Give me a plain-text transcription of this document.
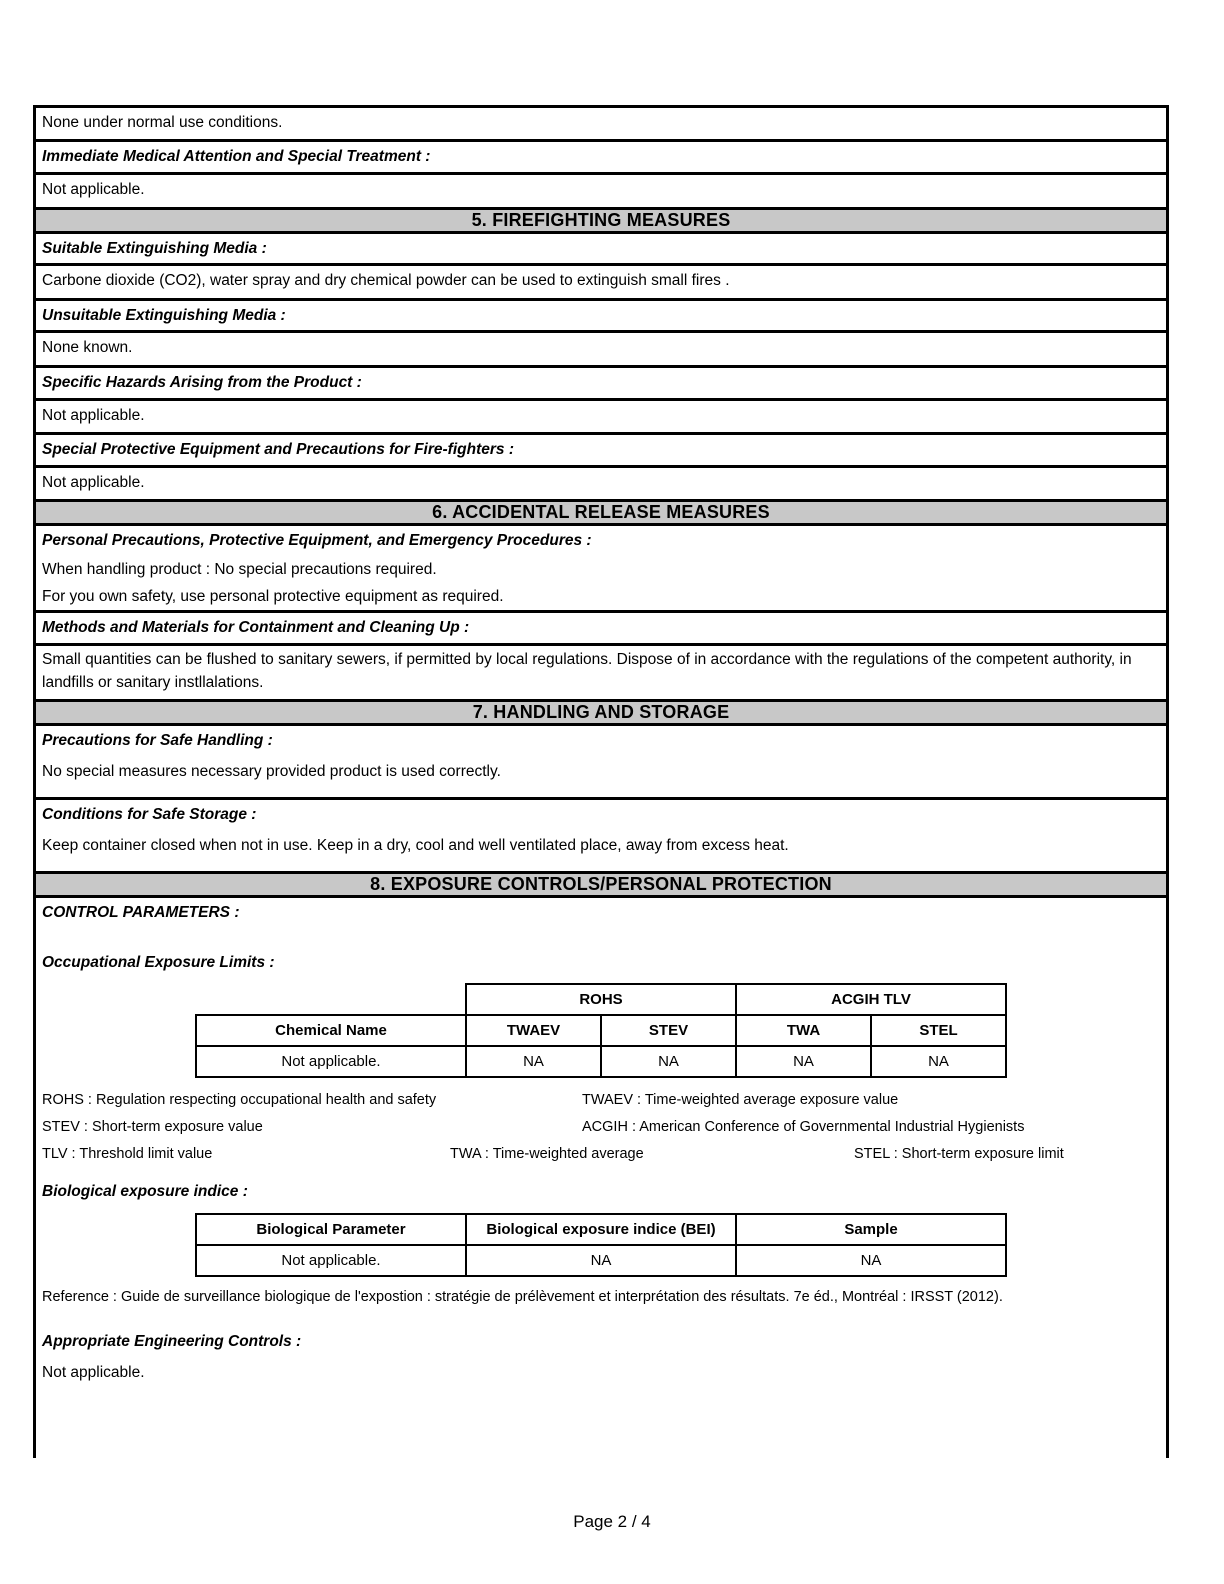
None under normal use conditions.

Immediate Medical Attention and Special Treatment :

Not applicable.

5. FIREFIGHTING MEASURES

Suitable Extinguishing Media :

Carbone dioxide (CO2), water spray and dry chemical powder can be used to extinguish small fires .

Unsuitable Extinguishing Media :

None known.

Specific Hazards Arising from the Product :

Not applicable.

Special Protective Equipment and Precautions for Fire-fighters :

Not applicable.

6. ACCIDENTAL RELEASE MEASURES

Personal Precautions, Protective Equipment, and Emergency Procedures :
When handling product : No special precautions required.
For you own safety, use personal protective equipment as required.

Methods and Materials for Containment and Cleaning Up :

Small quantities can be flushed to sanitary sewers, if permitted by local regulations. Dispose of in accordance with the regulations of the competent authority, in landfills or sanitary instllalations.

7. HANDLING AND STORAGE

Precautions for Safe Handling :
No special measures necessary provided product is used correctly.

Conditions for Safe Storage :
Keep container closed when not in use. Keep in a dry, cool and well ventilated place, away from excess heat.

8. EXPOSURE CONTROLS/PERSONAL PROTECTION

CONTROL PARAMETERS :
Occupational Exposure Limits :
	ROHS	ACGIH TLV
Chemical Name	TWAEV	STEV	TWA	STEL
Not applicable.	NA	NA	NA	NA
ROHS : Regulation respecting occupational health and safety	TWAEV : Time-weighted average exposure value
STEV : Short-term exposure value	ACGIH : American Conference of Governmental Industrial Hygienists
TLV : Threshold limit value	TWA : Time-weighted average	STEL : Short-term exposure limit
Biological exposure indice :
Biological Parameter	Biological exposure indice (BEI)	Sample
Not applicable.	NA	NA
Reference : Guide de surveillance biologique de l'expostion : stratégie de prélèvement et interprétation des résultats. 7e éd., Montréal : IRSST (2012).
Appropriate Engineering Controls :
Not applicable.
Page 2 / 4
